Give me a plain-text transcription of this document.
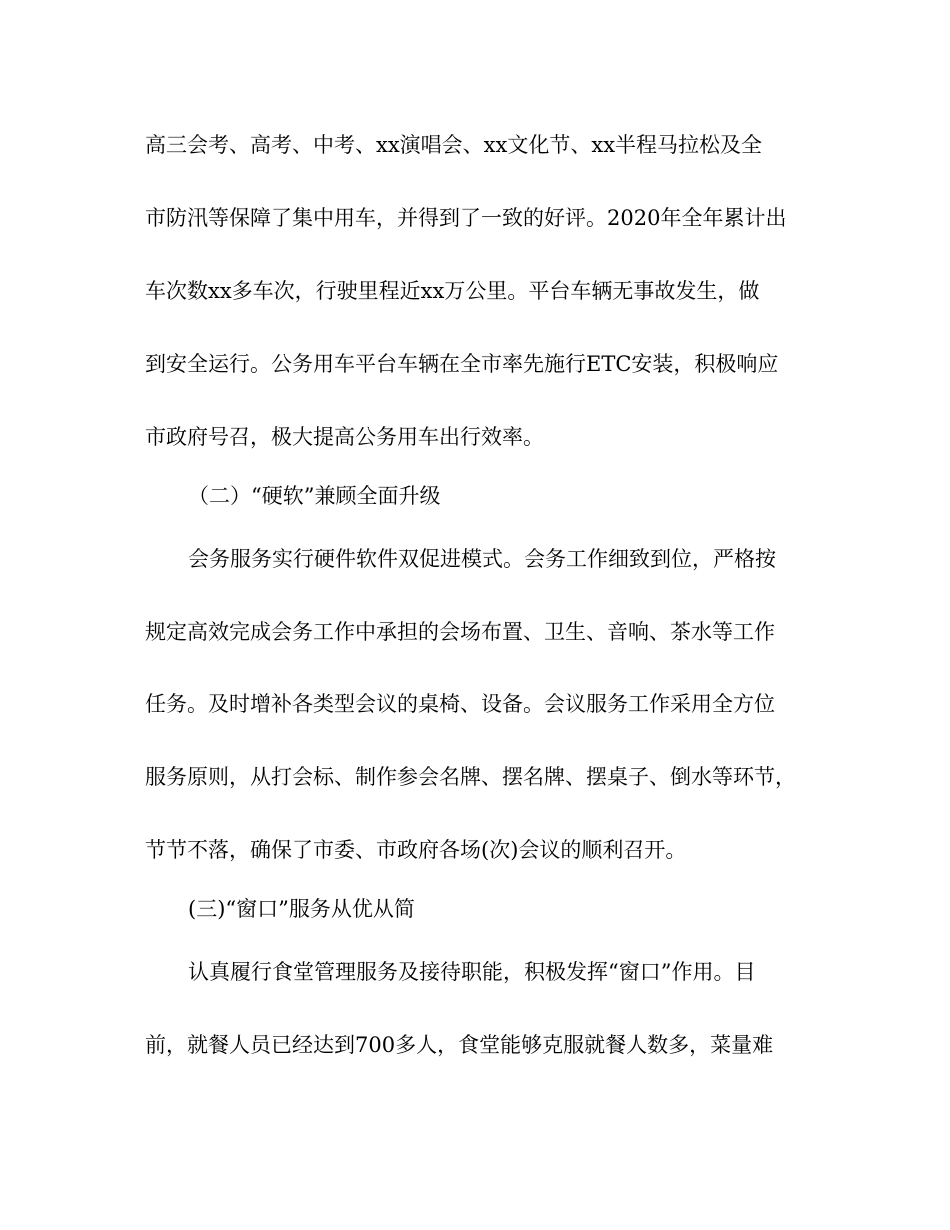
高三会考、高考、中考、xx演唱会、xx文化节、xx半程马拉松及全
市防汛等保障了集中用车，并得到了一致的好评。2020年全年累计出
车次数xx多车次，行驶里程近xx万公里。平台车辆无事故发生，做
到安全运行。公务用车平台车辆在全市率先施行ETC安装，积极响应
市政府号召，极大提高公务用车出行效率。
（二）“硬软”兼顾全面升级
会务服务实行硬件软件双促进模式。会务工作细致到位，严格按
规定高效完成会务工作中承担的会场布置、卫生、音响、茶水等工作
任务。及时增补各类型会议的桌椅、设备。会议服务工作采用全方位
服务原则，从打会标、制作参会名牌、摆名牌、摆桌子、倒水等环节，
节节不落，确保了市委、市政府各场(次)会议的顺利召开。
(三)“窗口”服务从优从简
认真履行食堂管理服务及接待职能，积极发挥“窗口”作用。目
前，就餐人员已经达到700多人，食堂能够克服就餐人数多，菜量难
